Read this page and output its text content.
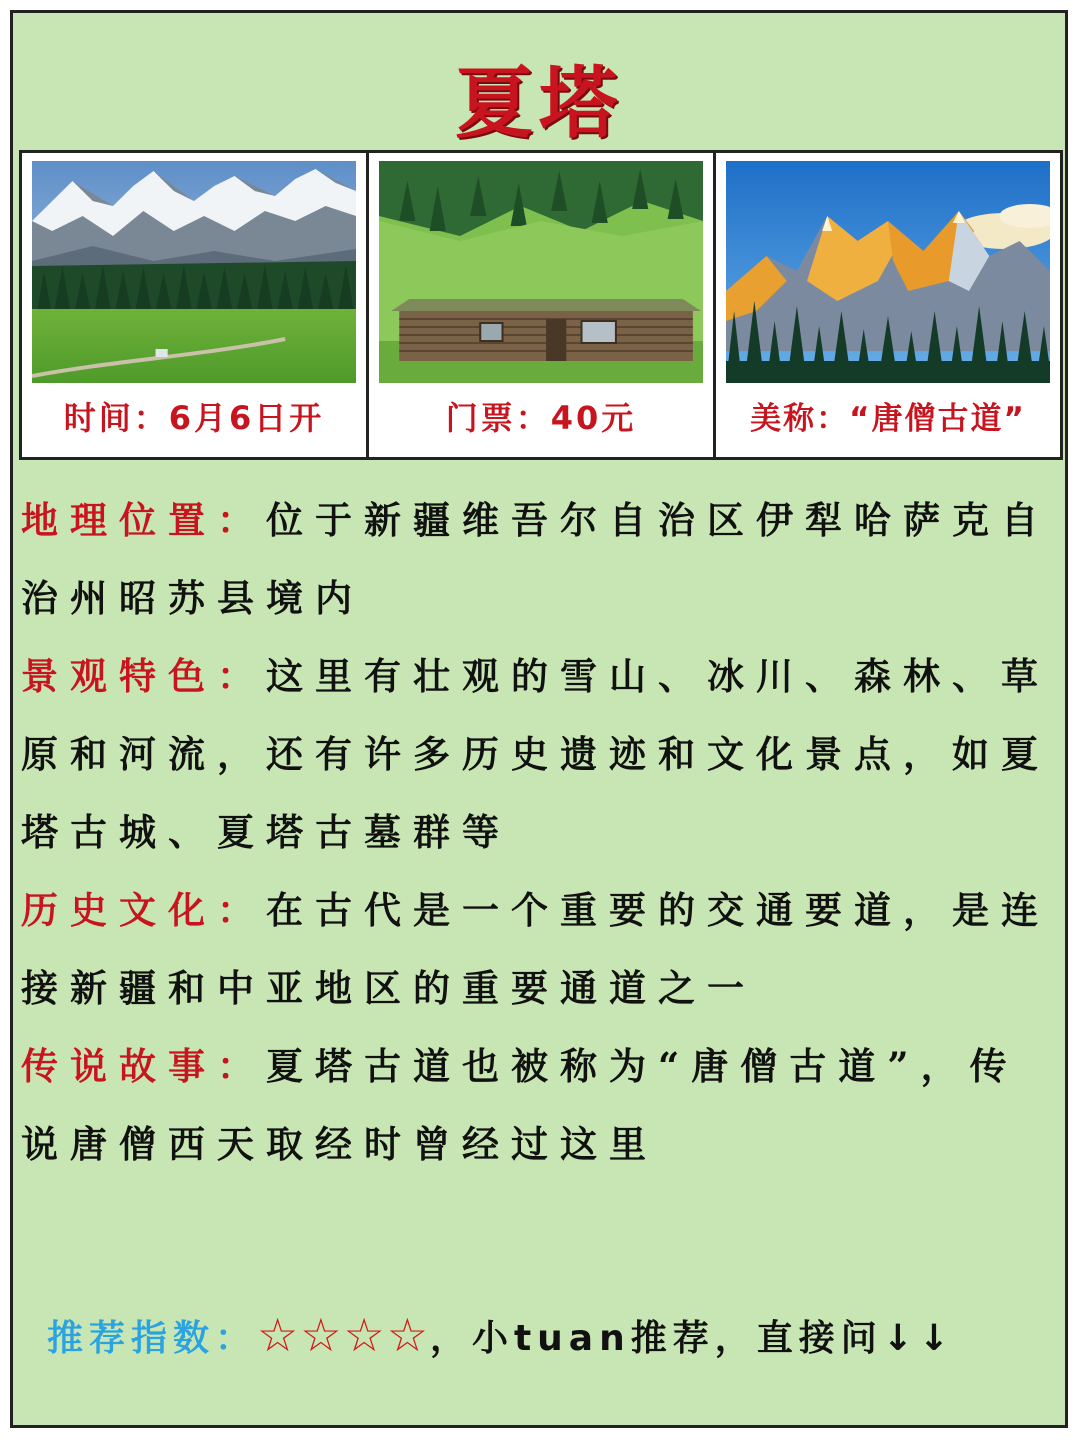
夏塔
时间：6月6日开	门票：40元	美称：“唐僧古道”

地理位置：位于新疆维吾尔自治区伊犁哈萨克自治州昭苏县境内

景观特色：这里有壮观的雪山、冰川、森林、草原和河流，还有许多历史遗迹和文化景点，如夏塔古城、夏塔古墓群等

历史文化：在古代是一个重要的交通要道，是连接新疆和中亚地区的重要通道之一

传说故事：夏塔古道也被称为“唐僧古道”，传说唐僧西天取经时曾经过这里

推荐指数： ☆☆☆☆ ，小tuan推荐，直接问↓↓
